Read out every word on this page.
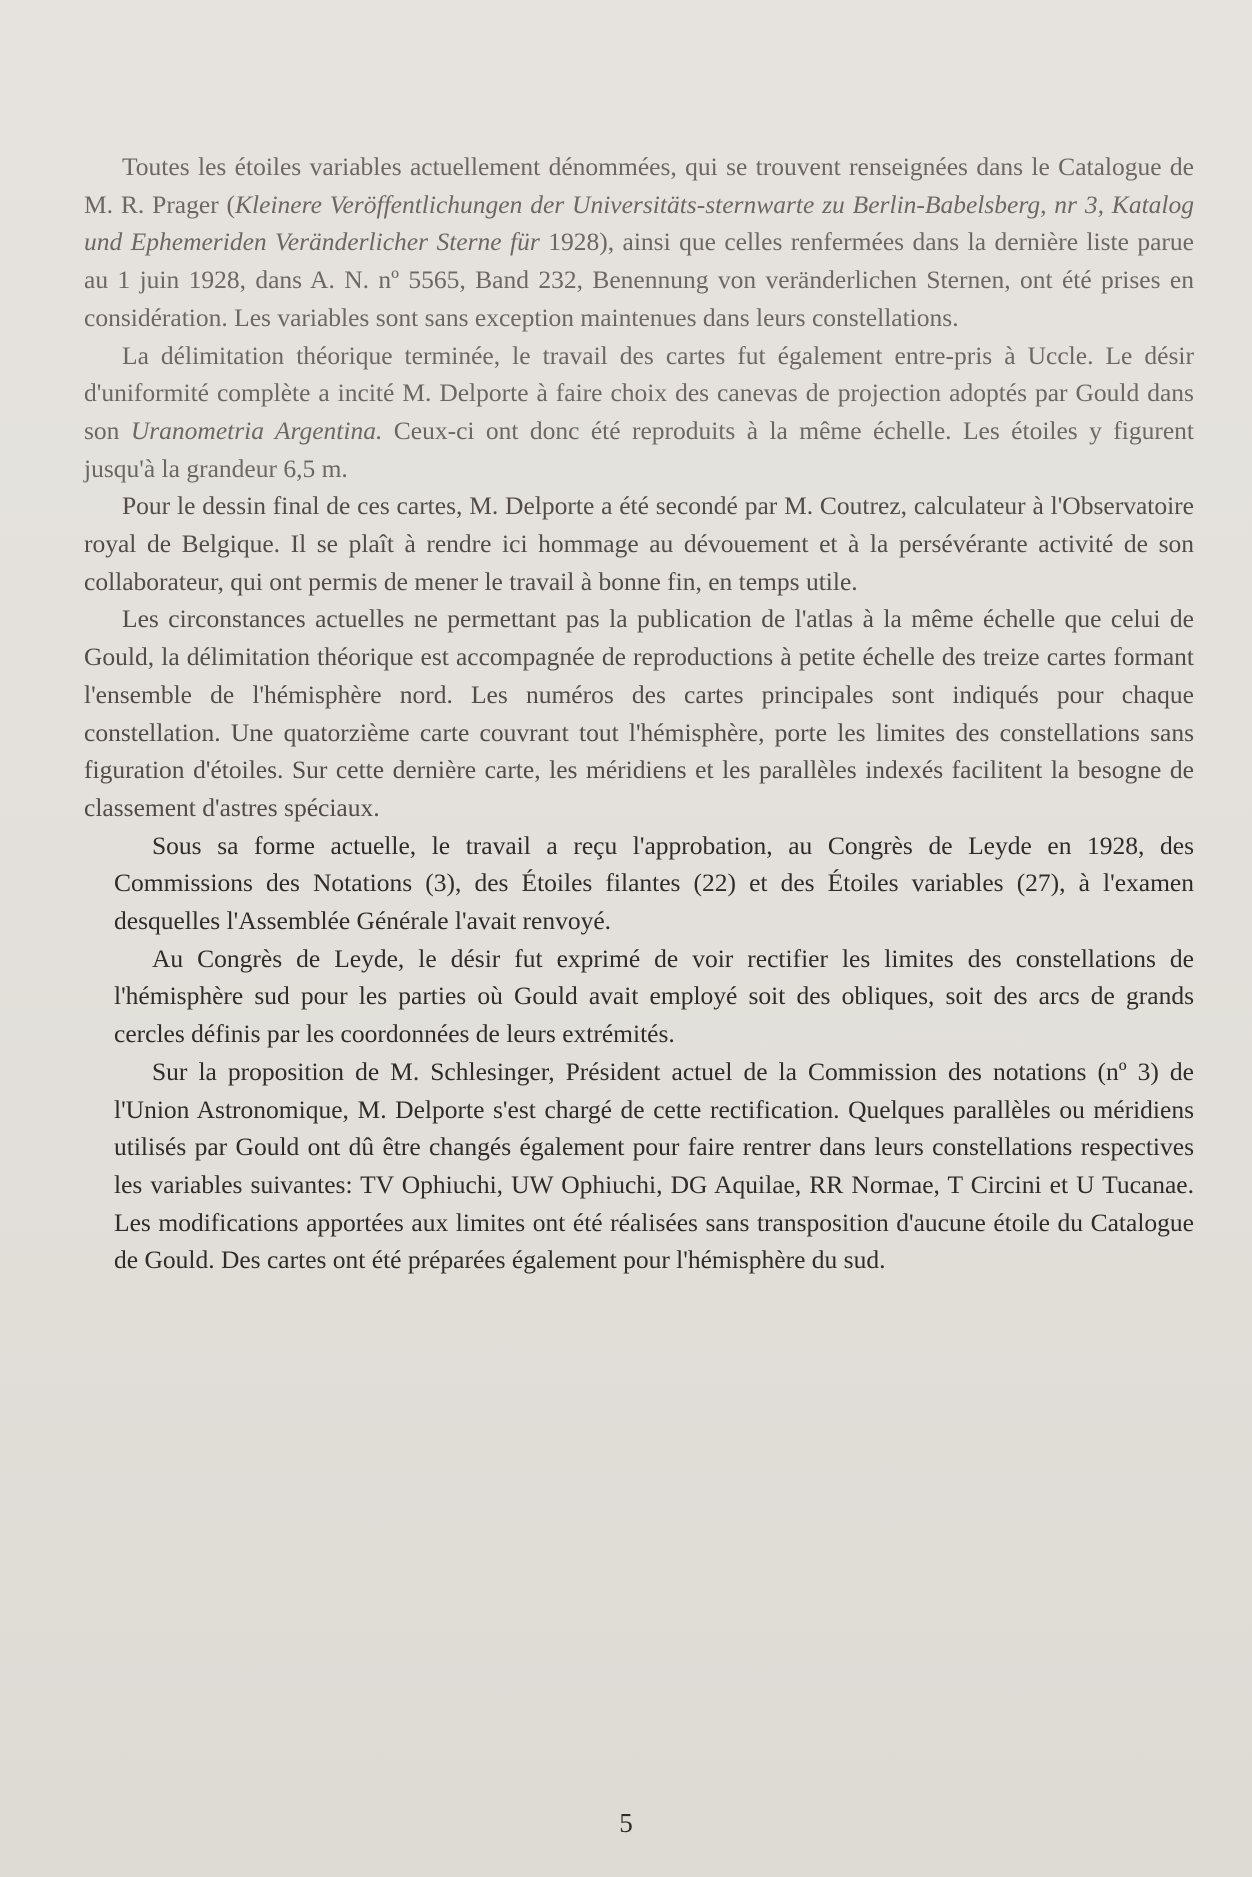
Toutes les étoiles variables actuellement dénommées, qui se trouvent renseignées dans le Catalogue de M. R. Prager (Kleinere Veröffentlichungen der Universitäts-sternwarte zu Berlin-Babelsberg, nr 3, Katalog und Ephemeriden Veränderlicher Sterne für 1928), ainsi que celles renfermées dans la dernière liste parue au 1 juin 1928, dans A. N. nº 5565, Band 232, Benennung von veränderlichen Sternen, ont été prises en considération. Les variables sont sans exception maintenues dans leurs constellations.

La délimitation théorique terminée, le travail des cartes fut également entre-pris à Uccle. Le désir d'uniformité complète a incité M. Delporte à faire choix des canevas de projection adoptés par Gould dans son Uranometria Argentina. Ceux-ci ont donc été reproduits à la même échelle. Les étoiles y figurent jusqu'à la grandeur 6,5 m.

Pour le dessin final de ces cartes, M. Delporte a été secondé par M. Coutrez, calculateur à l'Observatoire royal de Belgique. Il se plaît à rendre ici hommage au dévouement et à la persévérante activité de son collaborateur, qui ont permis de mener le travail à bonne fin, en temps utile.

Les circonstances actuelles ne permettant pas la publication de l'atlas à la même échelle que celui de Gould, la délimitation théorique est accompagnée de reproductions à petite échelle des treize cartes formant l'ensemble de l'hémisphère nord. Les numéros des cartes principales sont indiqués pour chaque constellation. Une quatorzième carte couvrant tout l'hémisphère, porte les limites des constellations sans figuration d'étoiles. Sur cette dernière carte, les méridiens et les parallèles indexés facilitent la besogne de classement d'astres spéciaux.

Sous sa forme actuelle, le travail a reçu l'approbation, au Congrès de Leyde en 1928, des Commissions des Notations (3), des Étoiles filantes (22) et des Étoiles variables (27), à l'examen desquelles l'Assemblée Générale l'avait renvoyé.

Au Congrès de Leyde, le désir fut exprimé de voir rectifier les limites des constellations de l'hémisphère sud pour les parties où Gould avait employé soit des obliques, soit des arcs de grands cercles définis par les coordonnées de leurs extrémités.

Sur la proposition de M. Schlesinger, Président actuel de la Commission des notations (nº 3) de l'Union Astronomique, M. Delporte s'est chargé de cette rectification. Quelques parallèles ou méridiens utilisés par Gould ont dû être changés également pour faire rentrer dans leurs constellations respectives les variables suivantes: TV Ophiuchi, UW Ophiuchi, DG Aquilae, RR Normae, T Circini et U Tucanae. Les modifications apportées aux limites ont été réalisées sans transposition d'aucune étoile du Catalogue de Gould. Des cartes ont été préparées également pour l'hémisphère du sud.

5
